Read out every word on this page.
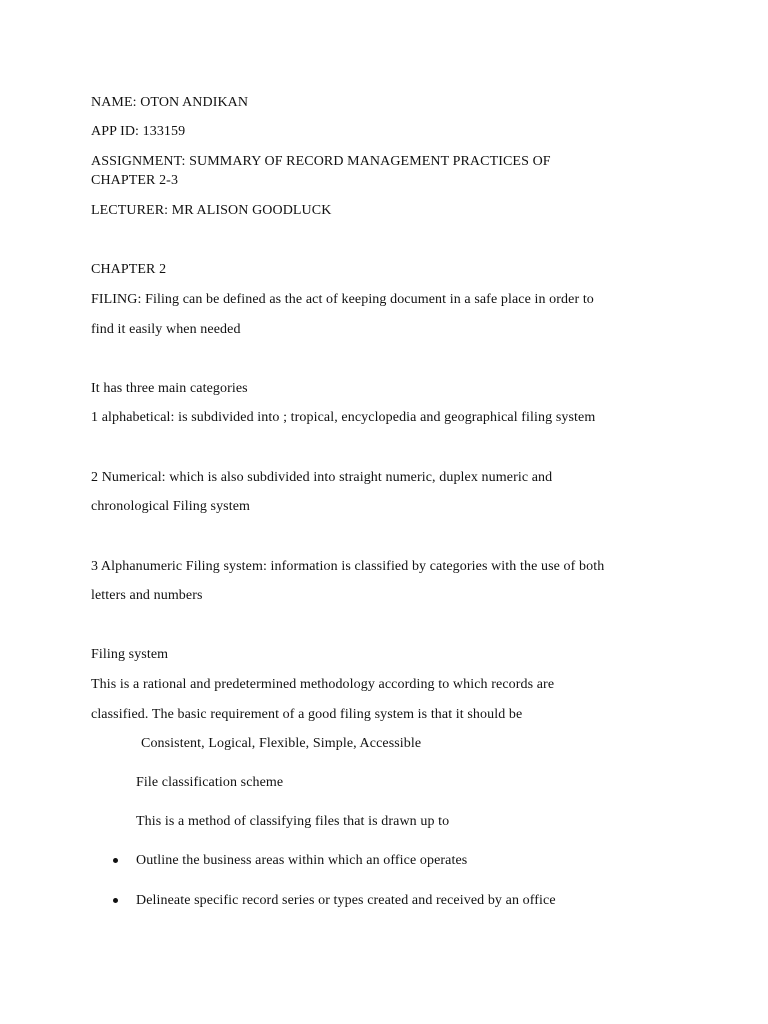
NAME: OTON ANDIKAN
APP ID: 133159
ASSIGNMENT: SUMMARY OF RECORD MANAGEMENT PRACTICES OF
CHAPTER 2-3
LECTURER: MR ALISON GOODLUCK
CHAPTER 2
FILING: Filing can be defined as the act of keeping document in a safe place in order to
find it easily when needed
It has three main categories
1 alphabetical: is subdivided into ; tropical, encyclopedia and geographical filing system
2 Numerical: which is also subdivided into straight numeric, duplex numeric and
chronological Filing system
3 Alphanumeric Filing system: information is classified by categories with the use of both
letters and numbers
Filing system
This is a rational and predetermined methodology according to which records are
classified. The basic requirement of a good filing system is that it should be
Consistent, Logical, Flexible, Simple, Accessible
File classification scheme
This is a method of classifying files that is drawn up to
Outline the business areas within which an office operates
Delineate specific record series or types created and received by an office
